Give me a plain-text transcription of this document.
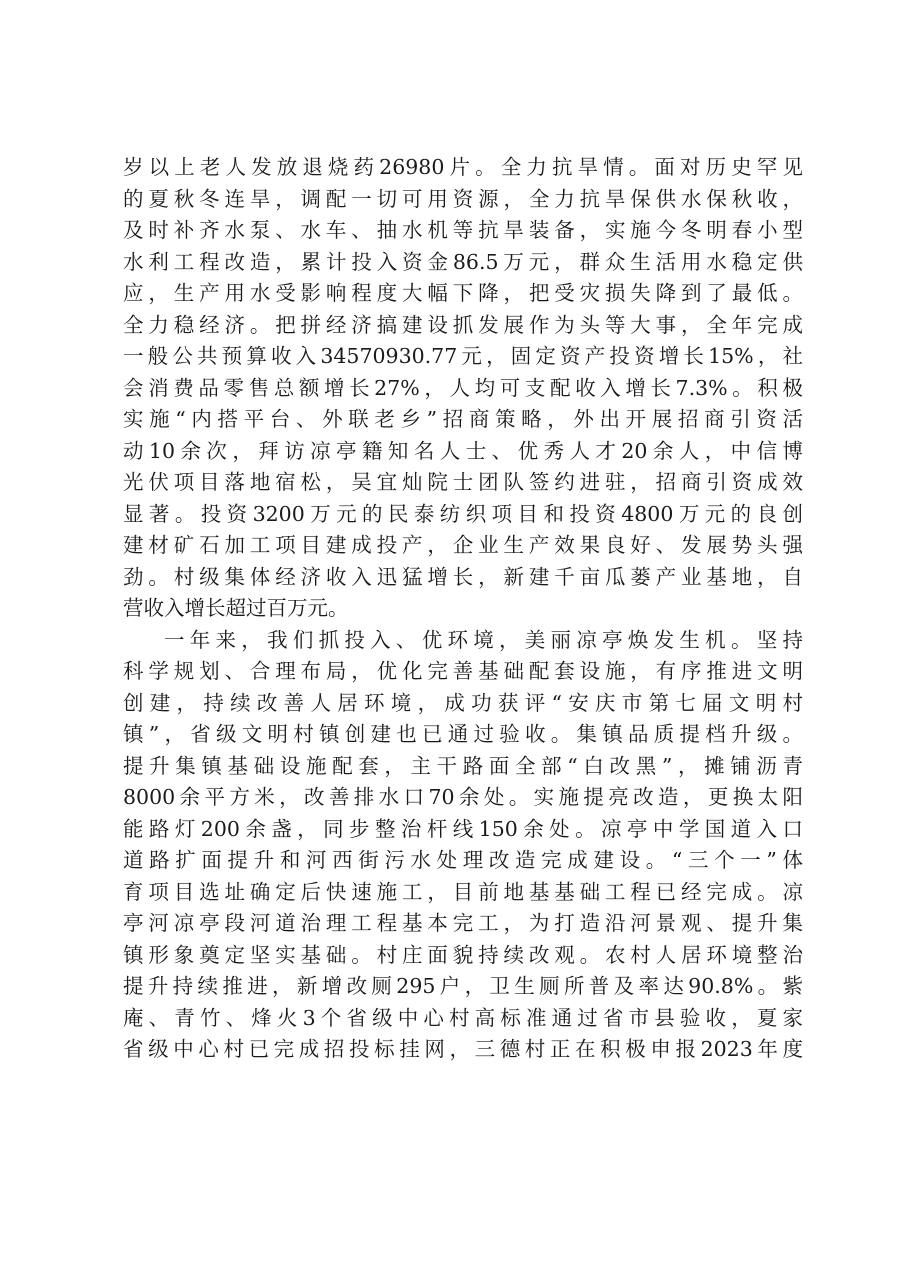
岁以上老人发放退烧药26980片。全力抗旱情。面对历史罕见
的夏秋冬连旱，调配一切可用资源，全力抗旱保供水保秋收，
及时补齐水泵、水车、抽水机等抗旱装备，实施今冬明春小型
水利工程改造，累计投入资金86.5万元，群众生活用水稳定供
应，生产用水受影响程度大幅下降，把受灾损失降到了最低。
全力稳经济。把拼经济搞建设抓发展作为头等大事，全年完成
一般公共预算收入34570930.77元，固定资产投资增长15%，社
会消费品零售总额增长27%，人均可支配收入增长7.3%。积极
实施“内搭平台、外联老乡”招商策略，外出开展招商引资活
动10余次，拜访凉亭籍知名人士、优秀人才20余人，中信博
光伏项目落地宿松，吴宜灿院士团队签约进驻，招商引资成效
显著。投资3200万元的民泰纺织项目和投资4800万元的良创
建材矿石加工项目建成投产，企业生产效果良好、发展势头强
劲。村级集体经济收入迅猛增长，新建千亩瓜蒌产业基地，自
营收入增长超过百万元。
一年来，我们抓投入、优环境，美丽凉亭焕发生机。坚持
科学规划、合理布局，优化完善基础配套设施，有序推进文明
创建，持续改善人居环境，成功获评“安庆市第七届文明村
镇”，省级文明村镇创建也已通过验收。集镇品质提档升级。
提升集镇基础设施配套，主干路面全部“白改黑”，摊铺沥青
8000余平方米，改善排水口70余处。实施提亮改造，更换太阳
能路灯200余盏，同步整治杆线150余处。凉亭中学国道入口
道路扩面提升和河西街污水处理改造完成建设。“三个一”体
育项目选址确定后快速施工，目前地基基础工程已经完成。凉
亭河凉亭段河道治理工程基本完工，为打造沿河景观、提升集
镇形象奠定坚实基础。村庄面貌持续改观。农村人居环境整治
提升持续推进，新增改厕295户，卫生厕所普及率达90.8%。紫
庵、青竹、烽火3个省级中心村高标准通过省市县验收，夏家
省级中心村已完成招投标挂网，三德村正在积极申报2023年度
